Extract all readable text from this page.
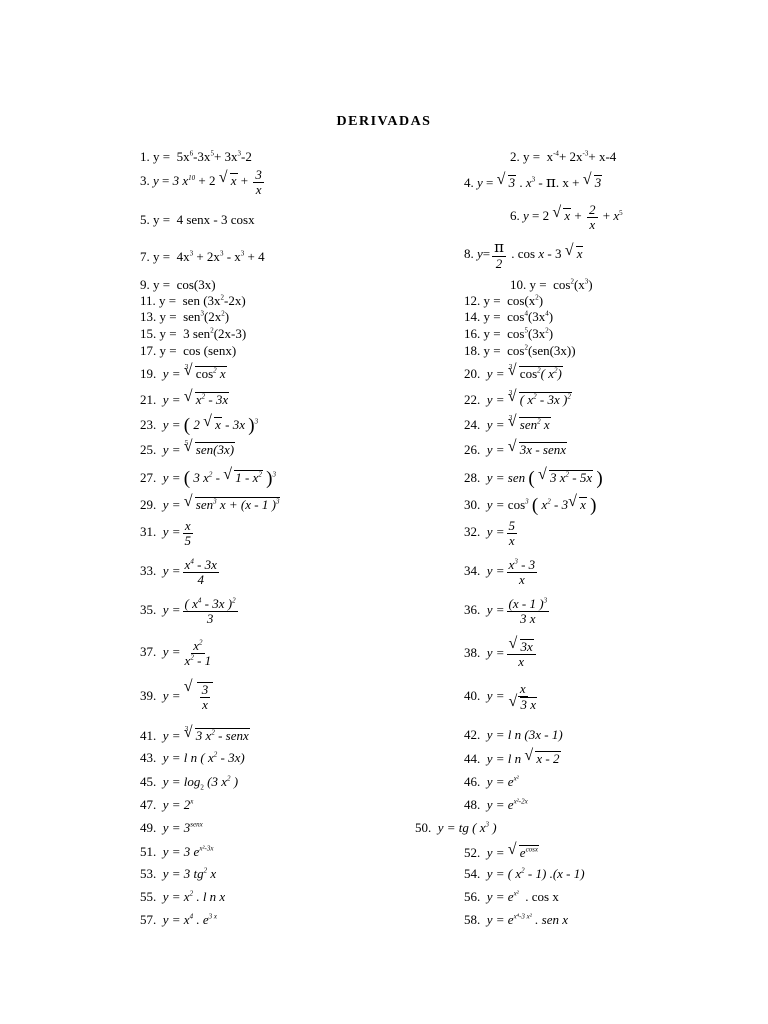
DERIVADAS
1. $y = 5x^6-3x^5+ 3x^3-2$	2. $y = x^{-4}+ 2x^{-3}+ x-4$
3. y = 3 $x^{10} + 2$ √ $x + \frac{3}{x}$	4. y = √ 3 . $x^3$ - π. x + √ 3
5. y = 4 senx - 3 cosx	6. y = 2 √ $x + \frac{2}{x} + x^5$
7. $y = 4x^3 + 2x^3 - x^3 + 4$	8. $y= \frac{\pi}{2}$ . cos x - 3 √ x
9. y = cos(3x)	10. $y = \cos^2(x^3)$
11. y = sen $(3x^2-2x)$	12. $y = \cos(x^2)$
13. $y = sen^3(2x^2)$	14. $y = \cos^4(3x^4)$
15. y = 3 sen$^2$(2x-3)	16. $y = \cos^5(3x^2)$
17. y = cos (senx)	18. $y = \cos^2(sen(3x))$
19. y =
√ 3 $\cos^2 x$	20. y =
√ 3 $\cos^2$( $x^2$)
21. y = √ $x^2 - 3x$	22. y =
√ 3 ( $x^2 - 3x$ )$^2$
23. y = ( 2 √ x - 3x )$^3$	24. y =
√ 3 sen$^2$ x
25. y =
√ 5 sen(3x)	26. y = √ 3x - senx
27. y = ( 3 $x^2$ - √ $1 - x^2$ )$^3$	28. y = sen ( √ 3 $x^2 - 5x$ )
29. y = √ sen$^3$ x + (x - 1 )$^3$	30. $y = \cos^3$ ( $x^2 - 3√$ x )
31. $y = \frac{x}{5}$	32. $y = \frac{5}{x}$
33. $y = \frac{x^4 - 3x}{4}$	34. $y = \frac{x^3 - 3}{x}$
35. $y = \frac{( x^4 - 3x )^2}{3}$	36. $y = \frac{(x - 1 )^3}{3 x}$
37. $y = \frac{x^2}{x^2 - 1}$	38. y =
√ $\frac{3x}{x}$
39. y =
√ $\frac{3}{x}$	40. y = x
√ 3 x
41. y =
√ 3 3 $x^2$ - senx	42. y = l n (3x - 1)
43. y = l n ( $x^2 - 3x$)	44. y = l n √ x - 2
45. $y = \log_2 (3$ $x^2$ )	46. $y = e^{x^2}$
47. $y = 2^x$	48. $y = e^{x^2-2x}$
49. $y = 3^{senx}$	50. y = tg ( $x^3$ )
51. y = 3 $e^{x^2-3x}$	52. y = √ $e^{cosx}$
53. y = 3 $tg^2$ x	54. y = ( $x^2 - 1$) .(x - 1)
55. $y = x^2$ . l n x	56. $y = e^{x^2}$ . cos x
57. $y = x^4$ . $e^{3 x}$	58. $y = e^{x^4-3 x^2}$ . sen x
